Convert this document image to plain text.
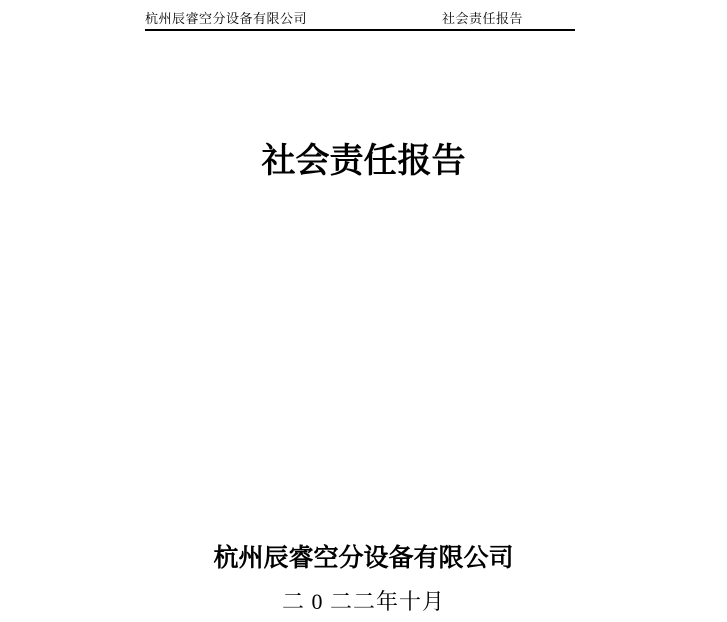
杭州辰睿空分设备有限公司	社会责任报告
社会责任报告
杭州辰睿空分设备有限公司
二 0 二二年十月
